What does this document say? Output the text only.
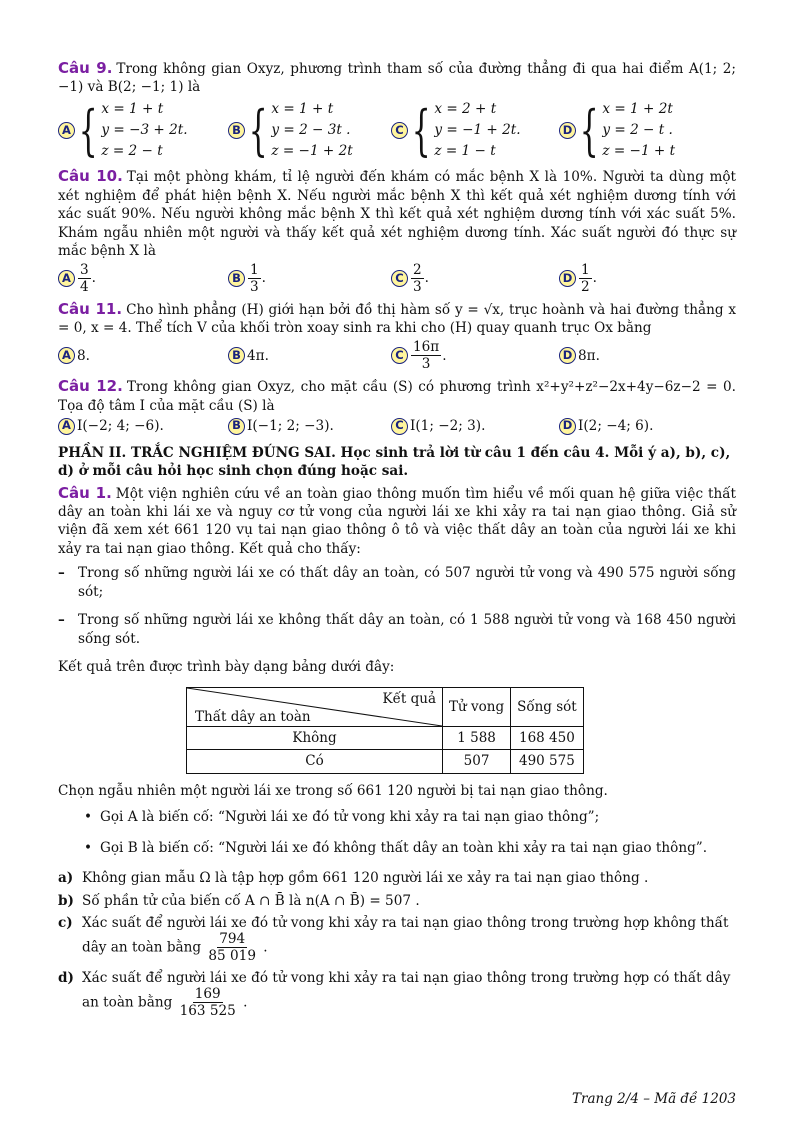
Câu 9. Trong không gian Oxyz, phương trình tham số của đường thẳng đi qua hai điểm A(1; 2; −1) và B(2; −1; 1) là
A { x = 1 + t
y = −3 + 2t.
z = 2 − t
B { x = 1 + t
y = 2 − 3t .
z = −1 + 2t
C { x = 2 + t
y = −1 + 2t.
z = 1 − t
D { x = 1 + 2t
y = 2 − t .
z = −1 + t
Câu 10. Tại một phòng khám, tỉ lệ người đến khám có mắc bệnh X là 10%. Người ta dùng một xét nghiệm để phát hiện bệnh X. Nếu người mắc bệnh X thì kết quả xét nghiệm dương tính với xác suất 90%. Nếu người không mắc bệnh X thì kết quả xét nghiệm dương tính với xác suất 5%. Khám ngẫu nhiên một người và thấy kết quả xét nghiệm dương tính. Xác suất người đó thực sự mắc bệnh X là
A $\frac{3}{4}$ .	B $\frac{1}{3}$ .	C $\frac{2}{3}$ .	D $\frac{1}{2}$ .
Câu 11. Cho hình phẳng (H) giới hạn bởi đồ thị hàm số y = √x, trục hoành và hai đường thẳng x = 0, x = 4. Thể tích V của khối tròn xoay sinh ra khi cho (H) quay quanh trục Ox bằng
A 8.	B 4π.	C $\frac{16\pi}{3}$ .	D 8π.
Câu 12. Trong không gian Oxyz, cho mặt cầu (S) có phương trình x²+y²+z²−2x+4y−6z−2 = 0. Tọa độ tâm I của mặt cầu (S) là
A I(−2; 4; −6).	B I(−1; 2; −3).	C I(1; −2; 3).	D I(2; −4; 6).
PHẦN II. TRẮC NGHIỆM ĐÚNG SAI. Học sinh trả lời từ câu 1 đến câu 4. Mỗi ý a), b), c), d) ở mỗi câu hỏi học sinh chọn đúng hoặc sai.
Câu 1. Một viện nghiên cứu về an toàn giao thông muốn tìm hiểu về mối quan hệ giữa việc thất dây an toàn khi lái xe và nguy cơ tử vong của người lái xe khi xảy ra tai nạn giao thông. Giả sử viện đã xem xét 661 120 vụ tai nạn giao thông ô tô và việc thất dây an toàn của người lái xe khi xảy ra tai nạn giao thông. Kết quả cho thấy:
– Trong số những người lái xe có thất dây an toàn, có 507 người tử vong và 490 575 người sống sót;
– Trong số những người lái xe không thất dây an toàn, có 1 588 người tử vong và 168 450 người sống sót.
Kết quả trên được trình bày dạng bảng dưới đây:
Kết quả
Thất dây an toàn	Tử vong	Sống sót
Không	1 588	168 450
Có	507	490 575
Chọn ngẫu nhiên một người lái xe trong số 661 120 người bị tai nạn giao thông.
• Gọi A là biến cố: “Người lái xe đó tử vong khi xảy ra tai nạn giao thông”;
• Gọi B là biến cố: “Người lái xe đó không thất dây an toàn khi xảy ra tai nạn giao thông”.
a) Không gian mẫu Ω là tập hợp gồm 661 120 người lái xe xảy ra tai nạn giao thông .
b) Số phần tử của biến cố A ∩ B̄ là n(A ∩ B̄) = 507 .
c) Xác suất để người lái xe đó tử vong khi xảy ra tai nạn giao thông trong trường hợp không thất dây an toàn bằng $\frac{794}{85 019}$ .
d) Xác suất để người lái xe đó tử vong khi xảy ra tai nạn giao thông trong trường hợp có thất dây an toàn bằng $\frac{169}{163 525}$ .
Trang 2/4 – Mã đề 1203
